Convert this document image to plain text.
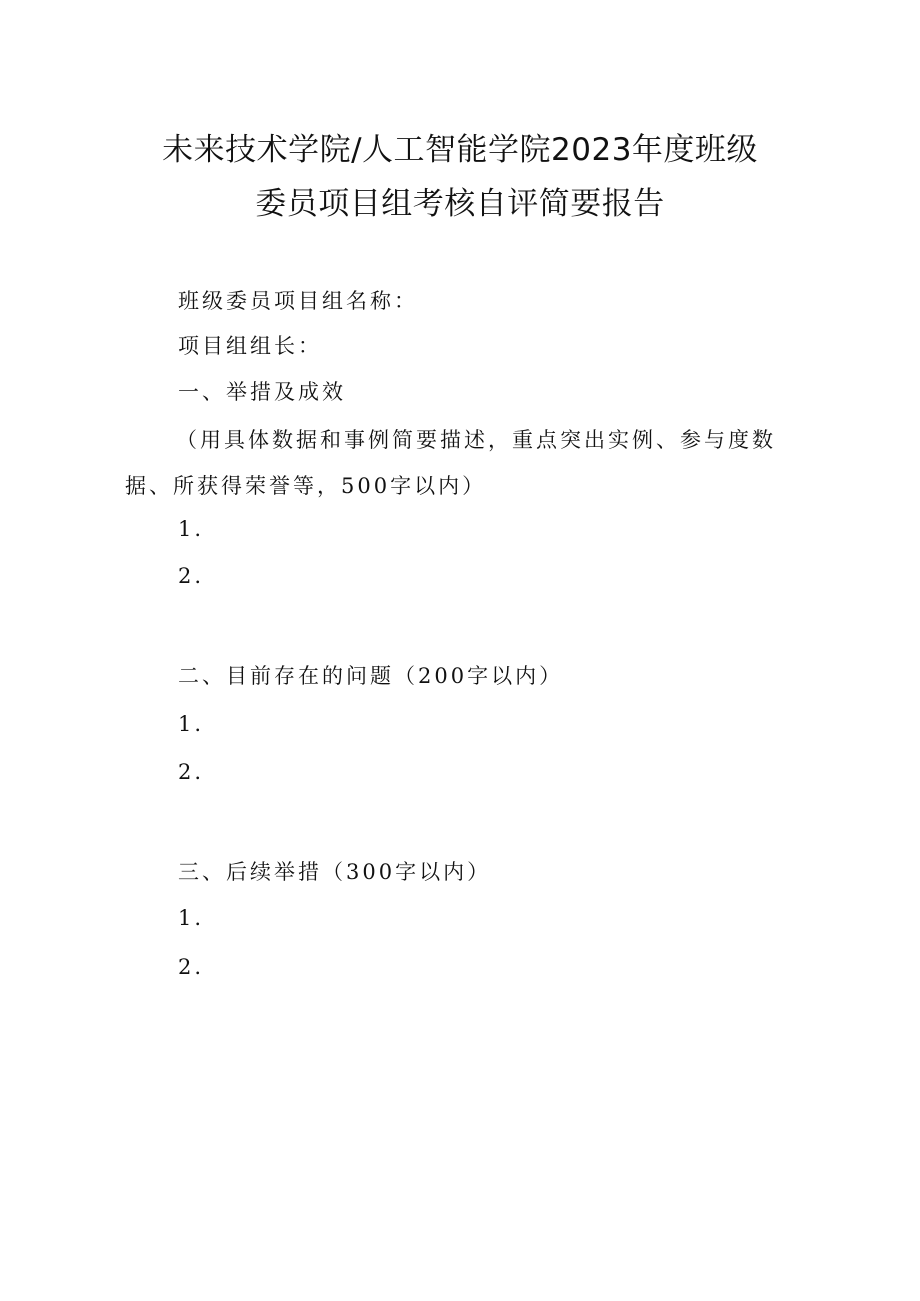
未来技术学院/人工智能学院2023年度班级
委员项目组考核自评简要报告

班级委员项目组名称：

项目组组长：

一、举措及成效

（用具体数据和事例简要描述，重点突出实例、参与度数

据、所获得荣誉等，500字以内）

1.

2.

二、目前存在的问题（200字以内）

1.

2.

三、后续举措（300字以内）

1.

2.
